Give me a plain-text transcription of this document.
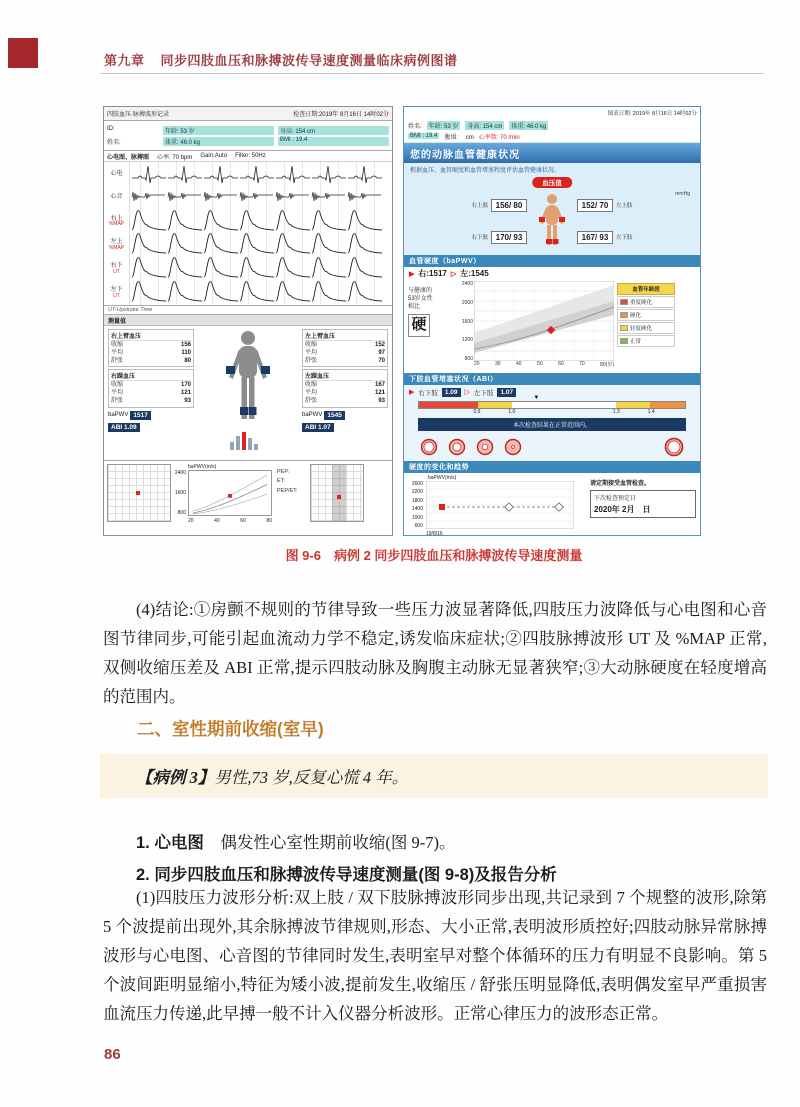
第九章 同步四肢血压和脉搏波传导速度测量临床病例图谱
四肢血压·脉搏波形记录	检查日期:2019年 8月16日 14时02分
ID:
姓名:
年龄: 53 岁	身高: 154 cm
体重: 46.0 kg	BMI : 19.4
心电图、脉搏图 心率: 70 bpm Gain:Auto Filter: 50Hz
心电
心音
右上
%MAP
左上
%MAP
右下
UT
左下
UT
UT-Upstroke Time
测量值
右上臂血压
收缩	156
平均	110
舒张	80
右踝血压
收缩	170
平均	121
舒张	93
baPWV 1517
ABI 1.09
左上臂血压
收缩	152
平均	97
舒张	70
左踝血压
收缩	167
平均	121
舒张	93
baPWV 1545
ABI 1.07
baPWV(m/s)
2400
1600
800
20	40	60	80
PEP:
ET:
PEP/ET:
图表日期: 2019年 8月16日 14时02分
姓名:	年龄: 53 岁	身高: 154 cm	体重: 46.0 kg
BMI : 19.4	腹围:　 cm 心率数: 70 /min
您的动脉血管健康状况
根据血压、血管硬度和血管堵塞程度评估血管健康状况。
血压值
mmHg
右上肢 156/ 80	152/ 70	左上肢
右下肢 170/ 93	167/ 93	左下肢
血管硬度（baPWV）
▶ 右:1517 ▷ 左:1545
与健康的
53岁女性
相比
硬
2400
2000
1600
1200
800
20	30	40	50	60	70	80(岁)
血管年龄段
重度硬化
硬化
轻度硬化
正常
下肢血管堵塞状况（ABI）
▶ 右下肢	1.09	▷ 左下肢	1.07
▼
0.9	1.0	1.3	1.4
本次检查结果在正常范围内。
硬度的变化和趋势
baPWV(m/s)
2600
2200
1800
1400
1000
600
19/8/16
请定期接受血管检查。
下次检查预定日
2020年 2月　日
图 9-6　病例 2 同步四肢血压和脉搏波传导速度测量

(4)结论:①房颤不规则的节律导致一些压力波显著降低,四肢压力波降低与心电图和心音图节律同步,可能引起血流动力学不稳定,诱发临床症状;②四肢脉搏波形 UT 及 %MAP 正常,双侧收缩压差及 ABI 正常,提示四肢动脉及胸腹主动脉无显著狭窄;③大动脉硬度在轻度增高的范围内。

二、室性期前收缩(室早)
【病例 3】男性,73 岁,反复心慌 4 年。

1. 心电图　偶发性心室性期前收缩(图 9-7)。

2. 同步四肢血压和脉搏波传导速度测量(图 9-8)及报告分析

(1)四肢压力波形分析:双上肢 / 双下肢脉搏波形同步出现,共记录到 7 个规整的波形,除第 5 个波提前出现外,其余脉搏波节律规则,形态、大小正常,表明波形质控好;四肢动脉异常脉搏波形与心电图、心音图的节律同时发生,表明室早对整个体循环的压力有明显不良影响。第 5 个波间距明显缩小,特征为矮小波,提前发生,收缩压 / 舒张压明显降低,表明偶发室早严重损害血流压力传递,此早搏一般不计入仪器分析波形。正常心律压力的波形态正常。

86
